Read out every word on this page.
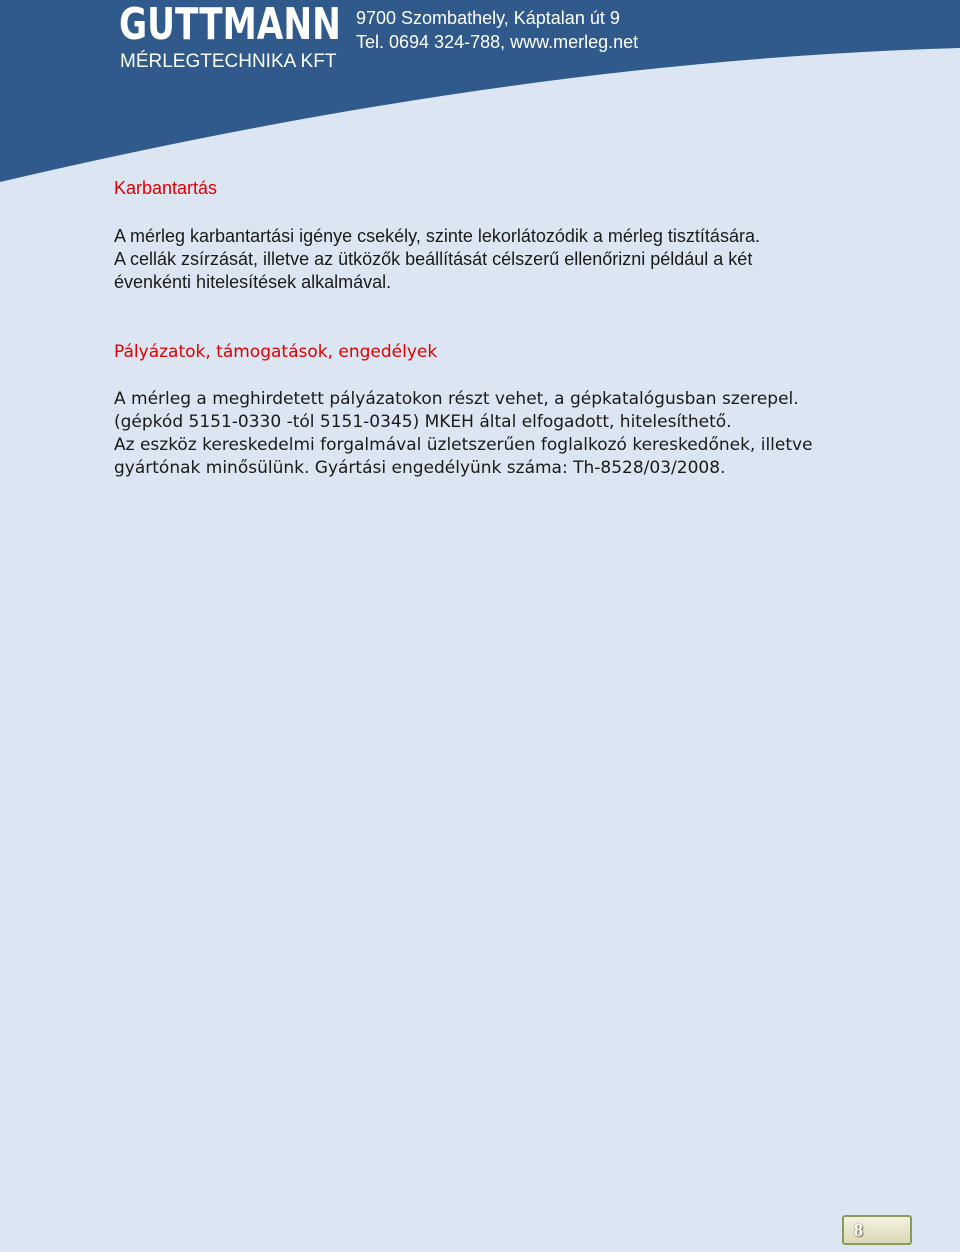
GUTTMANN
MÉRLEGTECHNIKA KFT
9700 Szombathely, Káptalan út 9
Tel. 0694 324-788, www.merleg.net
Karbantartás
A mérleg karbantartási igénye csekély, szinte lekorlátozódik a mérleg tisztítására.
A cellák zsírzását, illetve az ütközők beállítását célszerű ellenőrizni például a két
évenkénti hitelesítések alkalmával.
Pályázatok, támogatások, engedélyek
A mérleg a meghirdetett pályázatokon részt vehet, a gépkatalógusban szerepel.
(gépkód 5151-0330 -tól 5151-0345) MKEH által elfogadott, hitelesíthető.
Az eszköz kereskedelmi forgalmával üzletszerűen foglalkozó kereskedőnek, illetve
gyártónak minősülünk. Gyártási engedélyünk száma: Th-8528/03/2008.
8
